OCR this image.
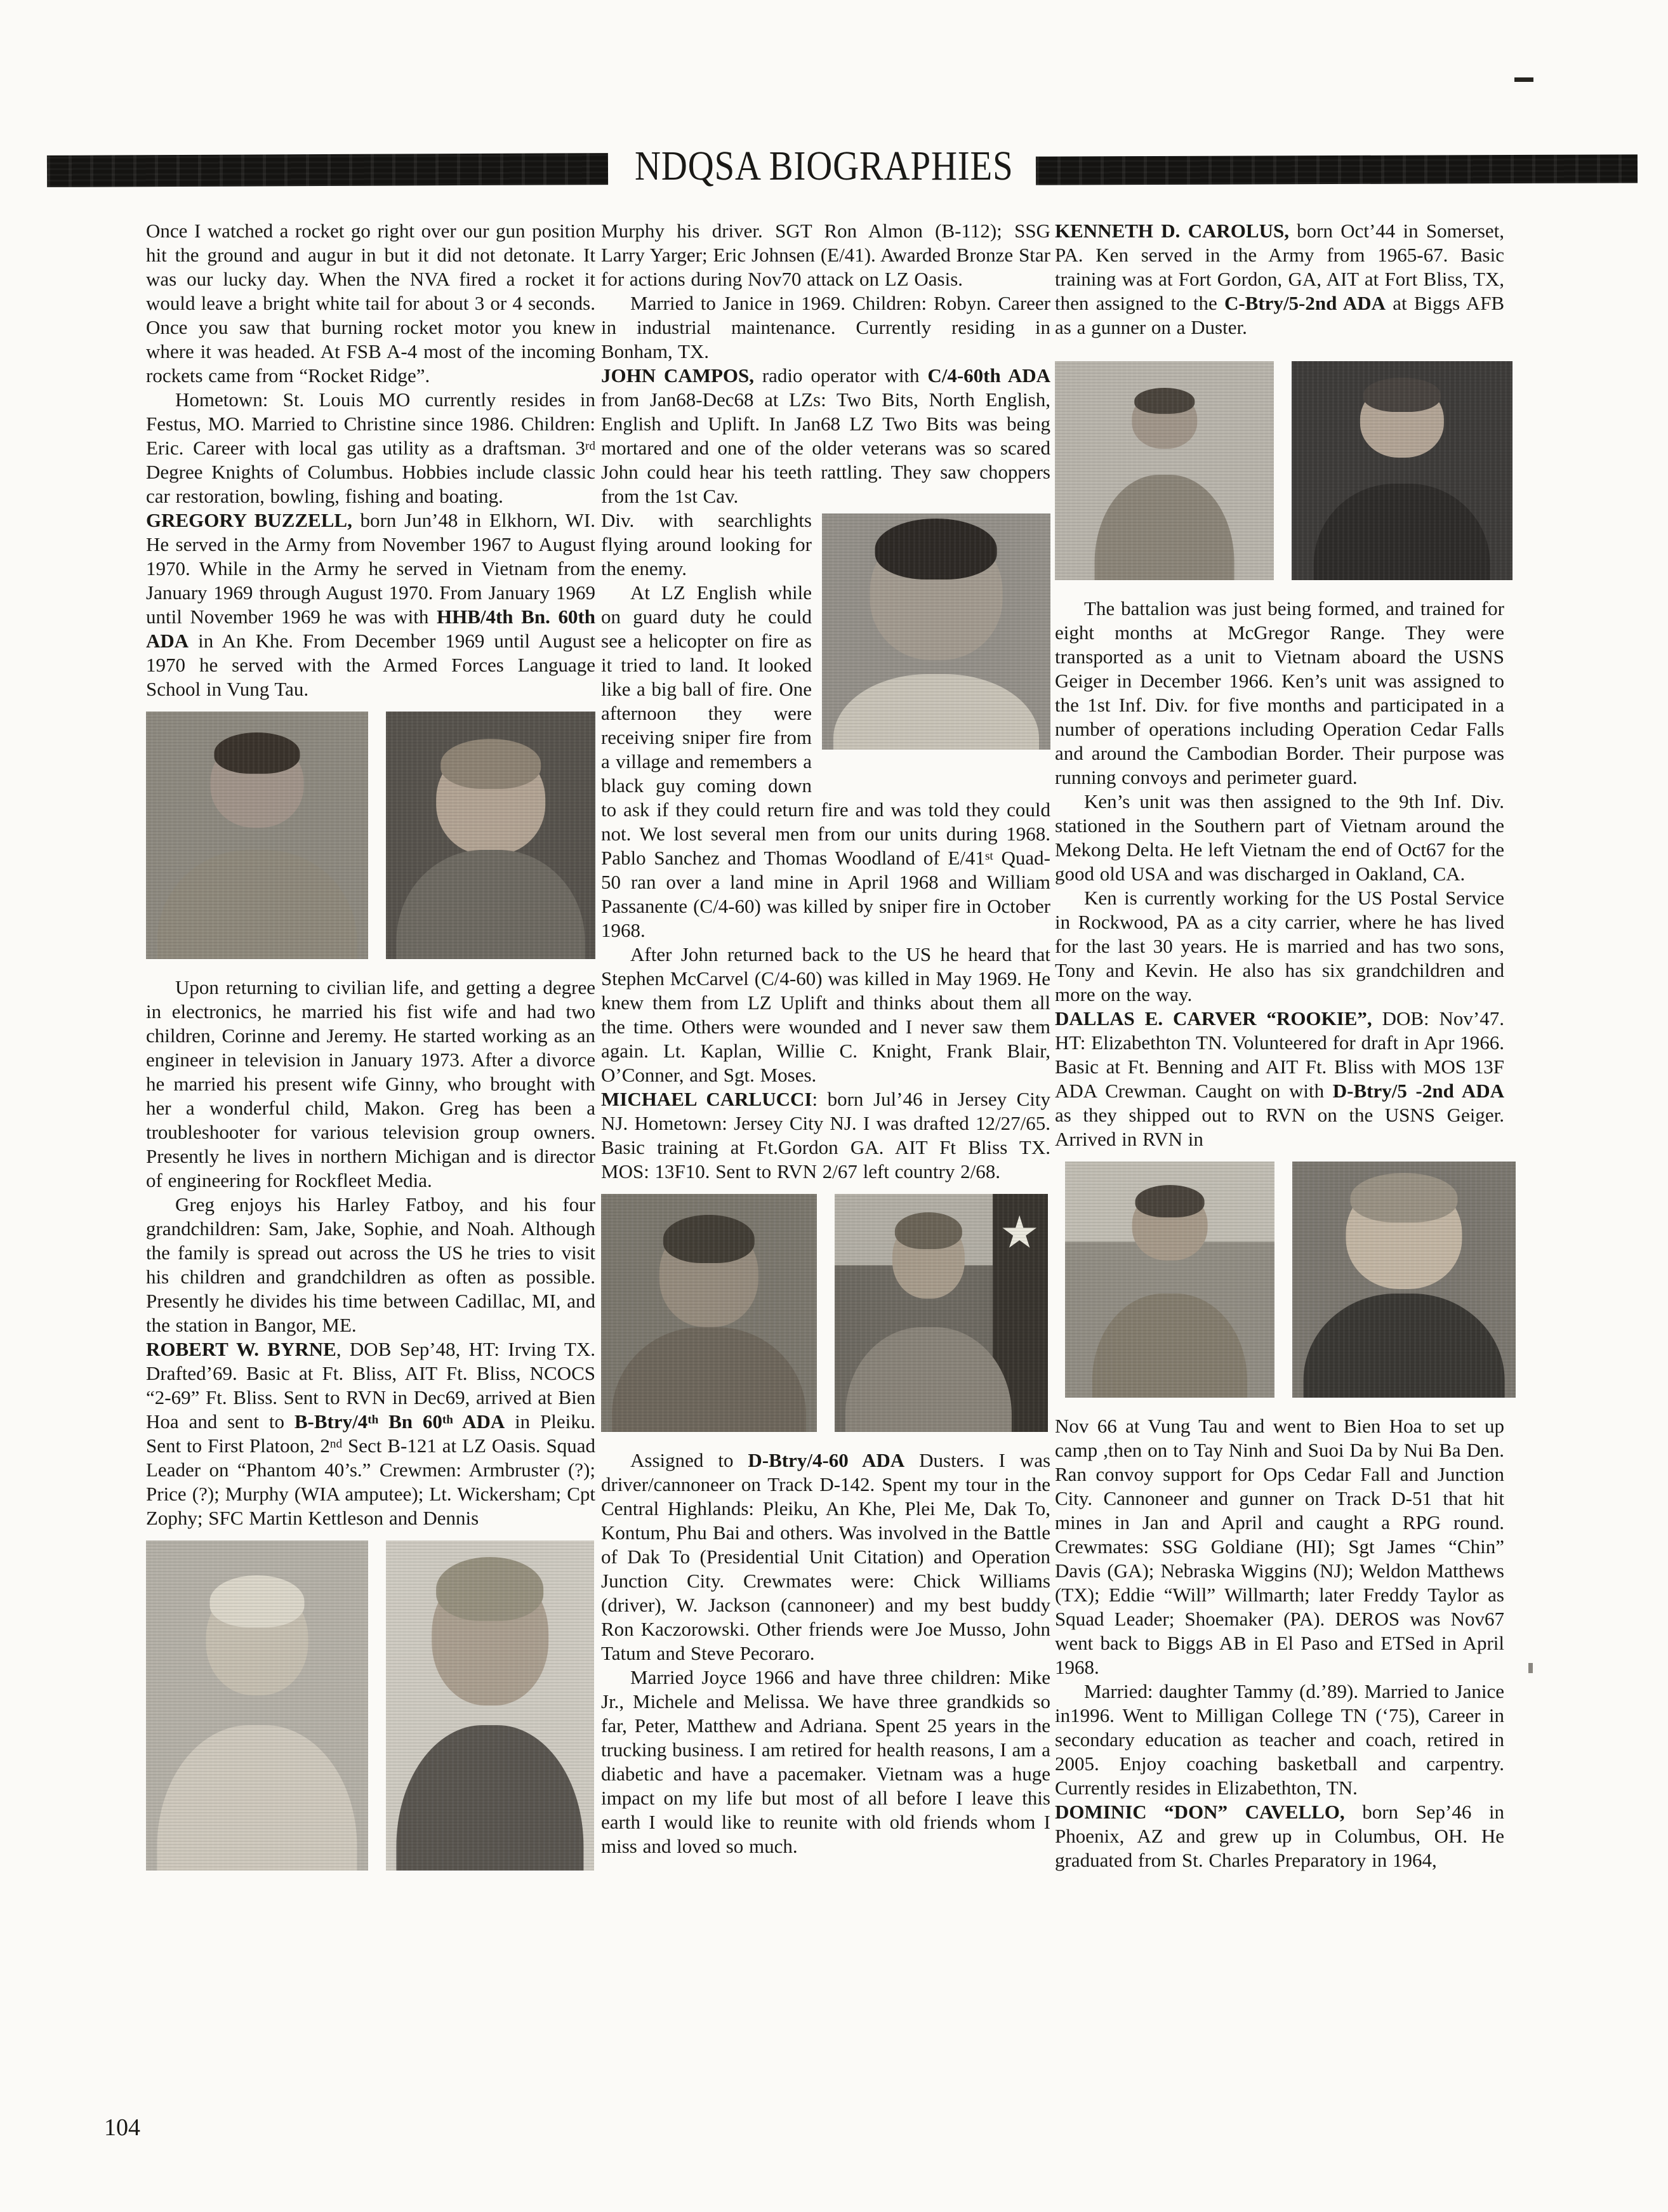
NDQSA BIOGRAPHIES

Once I watched a rocket go right over our gun position hit the ground and augur in but it did not detonate. It was our lucky day. When the NVA fired a rocket it would leave a bright white tail for about 3 or 4 seconds. Once you saw that burning rocket motor you knew where it was headed. At FSB A-4 most of the incoming rockets came from “Rocket Ridge”.

Hometown: St. Louis MO currently resides in Festus, MO. Married to Christine since 1986. Children: Eric. Career with local gas utility as a draftsman. 3rd Degree Knights of Columbus. Hobbies include classic car restoration, bowling, fishing and boating.

GREGORY BUZZELL, born Jun’48 in Elkhorn, WI. He served in the Army from November 1967 to August 1970. While in the Army he served in Vietnam from January 1969 through August 1970. From January 1969 until November 1969 he was with HHB/4th Bn. 60th ADA in An Khe. From December 1969 until August 1970 he served with the Armed Forces Language School in Vung Tau.

Upon returning to civilian life, and getting a degree in electronics, he married his fist wife and had two children, Corinne and Jeremy. He started working as an engineer in television in January 1973. After a divorce he married his present wife Ginny, who brought with her a wonderful child, Makon. Greg has been a troubleshooter for various television group owners. Presently he lives in northern Michigan and is director of engineering for Rockfleet Media.

Greg enjoys his Harley Fatboy, and his four grandchildren: Sam, Jake, Sophie, and Noah. Although the family is spread out across the US he tries to visit his children and grandchildren as often as possible. Presently he divides his time between Cadillac, MI, and the station in Bangor, ME.

ROBERT W. BYRNE, DOB Sep’48, HT: Irving TX. Drafted’69. Basic at Ft. Bliss, AIT Ft. Bliss, NCOCS “2-69” Ft. Bliss. Sent to RVN in Dec69, arrived at Bien Hoa and sent to B-Btry/4th Bn 60th ADA in Pleiku. Sent to First Platoon, 2nd Sect B-121 at LZ Oasis. Squad Leader on “Phantom 40’s.” Crewmen: Armbruster (?); Price (?); Murphy (WIA amputee); Lt. Wickersham; Cpt Zophy; SFC Martin Kettleson and Dennis

Murphy his driver. SGT Ron Almon (B-112); SSG Larry Yarger; Eric Johnsen (E/41). Awarded Bronze Star for actions during Nov70 attack on LZ Oasis.

Married to Janice in 1969. Children: Robyn. Career in industrial maintenance. Currently residing in Bonham, TX.

JOHN CAMPOS, radio operator with C/4-60th ADA from Jan68-Dec68 at LZs: Two Bits, North English, English and Uplift. In Jan68 LZ Two Bits was being mortared and one of the older veterans was so scared John could hear his teeth rattling. They saw choppers from the 1st Cav.

Div. with searchlights flying around looking for the enemy.

At LZ English while on guard duty he could see a helicopter on fire as it tried to land. It looked like a big ball of fire. One afternoon they were receiving sniper fire from a village and remembers a black guy coming down to ask if they could return fire and was told they could not. We lost several men from our units during 1968. Pablo Sanchez and Thomas Woodland of E/41st Quad-50 ran over a land mine in April 1968 and William Passanente (C/4-60) was killed by sniper fire in October 1968.

After John returned back to the US he heard that Stephen McCarvel (C/4-60) was killed in May 1969. He knew them from LZ Uplift and thinks about them all the time. Others were wounded and I never saw them again. Lt. Kaplan, Willie C. Knight, Frank Blair, O’Conner, and Sgt. Moses.

MICHAEL CARLUCCI: born Jul’46 in Jersey City NJ. Hometown: Jersey City NJ. I was drafted 12/27/65. Basic training at Ft.Gordon GA. AIT Ft Bliss TX. MOS: 13F10. Sent to RVN 2/67 left country 2/68.

Assigned to D-Btry/4-60 ADA Dusters. I was driver/cannoneer on Track D-142. Spent my tour in the Central Highlands: Pleiku, An Khe, Plei Me, Dak To, Kontum, Phu Bai and others. Was involved in the Battle of Dak To (Presidential Unit Citation) and Operation Junction City. Crewmates were: Chick Williams (driver), W. Jackson (cannoneer) and my best buddy Ron Kaczorowski. Other friends were Joe Musso, John Tatum and Steve Pecoraro.

Married Joyce 1966 and have three children: Mike Jr., Michele and Melissa. We have three grandkids so far, Peter, Matthew and Adriana. Spent 25 years in the trucking business. I am retired for health reasons, I am a diabetic and have a pacemaker. Vietnam was a huge impact on my life but most of all before I leave this earth I would like to reunite with old friends whom I miss and loved so much.

KENNETH D. CAROLUS, born Oct’44 in Somerset, PA. Ken served in the Army from 1965-67. Basic training was at Fort Gordon, GA, AIT at Fort Bliss, TX, then assigned to the C-Btry/5-2nd ADA at Biggs AFB as a gunner on a Duster.

The battalion was just being formed, and trained for eight months at McGregor Range. They were transported as a unit to Vietnam aboard the USNS Geiger in December 1966. Ken’s unit was assigned to the 1st Inf. Div. for five months and participated in a number of operations including Operation Cedar Falls and around the Cambodian Border. Their purpose was running convoys and perimeter guard.

Ken’s unit was then assigned to the 9th Inf. Div. stationed in the Southern part of Vietnam around the Mekong Delta. He left Vietnam the end of Oct67 for the good old USA and was discharged in Oakland, CA.

Ken is currently working for the US Postal Service in Rockwood, PA as a city carrier, where he has lived for the last 30 years. He is married and has two sons, Tony and Kevin. He also has six grandchildren and more on the way.

DALLAS E. CARVER “ROOKIE”, DOB: Nov’47. HT: Elizabethton TN. Volunteered for draft in Apr 1966. Basic at Ft. Benning and AIT Ft. Bliss with MOS 13F ADA Crewman. Caught on with D-Btry/5 -2nd ADA as they shipped out to RVN on the USNS Geiger. Arrived in RVN in

Nov 66 at Vung Tau and went to Bien Hoa to set up camp ,then on to Tay Ninh and Suoi Da by Nui Ba Den. Ran convoy support for Ops Cedar Fall and Junction City. Cannoneer and gunner on Track D-51 that hit mines in Jan and April and caught a RPG round. Crewmates: SSG Goldiane (HI); Sgt James “Chin” Davis (GA); Nebraska Wiggins (NJ); Weldon Matthews (TX); Eddie “Will” Willmarth; later Freddy Taylor as Squad Leader; Shoemaker (PA). DEROS was Nov67 went back to Biggs AB in El Paso and ETSed in April 1968.

Married: daughter Tammy (d.’89). Married to Janice in1996. Went to Milligan College TN (‘75), Career in secondary education as teacher and coach, retired in 2005. Enjoy coaching basketball and carpentry. Currently resides in Elizabethton, TN.

DOMINIC “DON” CAVELLO, born Sep’46 in Phoenix, AZ and grew up in Columbus, OH. He graduated from St. Charles Preparatory in 1964,

104
